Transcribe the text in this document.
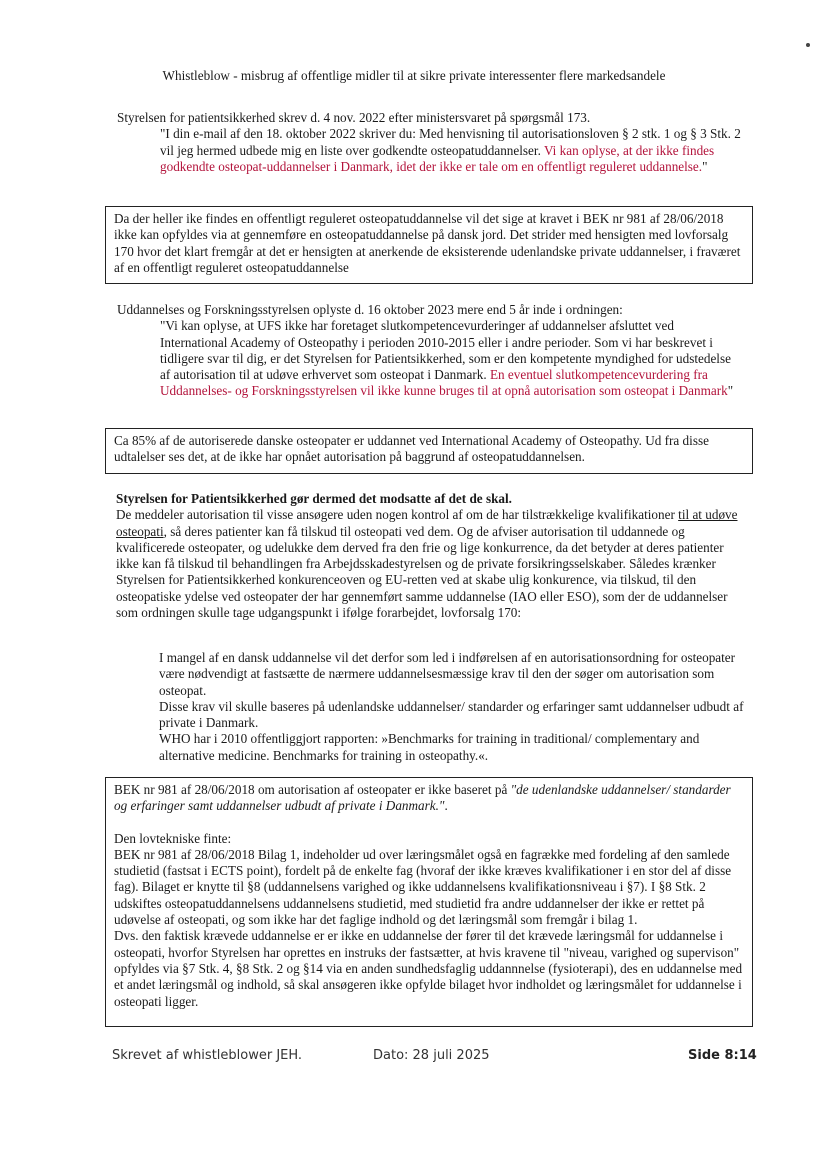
Whistleblow - misbrug af offentlige midler til at sikre private interessenter flere markedsandele

Styrelsen for patientsikkerhed skrev d. 4 nov. 2022 efter ministersvaret på spørgsmål 173.

"I din e-mail af den 18. oktober 2022 skriver du: Med henvisning til autorisationsloven § 2 stk. 1 og § 3 Stk. 2 vil jeg hermed udbede mig en liste over godkendte osteopatuddannelser. Vi kan oplyse, at der ikke findes godkendte osteopat-uddannelser i Danmark, idet der ikke er tale om en offentligt reguleret uddannelse."

Da der heller ike findes en offentligt reguleret osteopatuddannelse vil det sige at kravet i BEK nr 981 af 28/06/2018 ikke kan opfyldes via at gennemføre en osteopatuddannelse på dansk jord. Det strider med hensigten med lovforsalg 170 hvor det klart fremgår at det er hensigten at anerkende de eksisterende udenlandske private uddannelser, i fraværet af en offentligt reguleret osteopatuddannelse

Uddannelses og Forskningsstyrelsen oplyste d. 16 oktober 2023 mere end 5 år inde i ordningen:

"Vi kan oplyse, at UFS ikke har foretaget slutkompetencevurderinger af uddannelser afsluttet ved International Academy of Osteopathy i perioden 2010-2015 eller i andre perioder. Som vi har beskrevet i tidligere svar til dig, er det Styrelsen for Patientsikkerhed, som er den kompetente myndighed for udstedelse af autorisation til at udøve erhvervet som osteopat i Danmark. En eventuel slutkompetencevurdering fra Uddannelses- og Forskningsstyrelsen vil ikke kunne bruges til at opnå autorisation som osteopat i Danmark"

Ca 85% af de autoriserede danske osteopater er uddannet ved International Academy of Osteopathy. Ud fra disse udtalelser ses det, at de ikke har opnået autorisation på baggrund af osteopatuddannelsen.

Styrelsen for Patientsikkerhed gør dermed det modsatte af det de skal.

De meddeler autorisation til visse ansøgere uden nogen kontrol af om de har tilstrækkelige kvalifikationer til at udøve osteopati, så deres patienter kan få tilskud til osteopati ved dem. Og de afviser autorisation til uddannede og kvalificerede osteopater, og udelukke dem derved fra den frie og lige konkurrence, da det betyder at deres patienter ikke kan få tilskud til behandlingen fra Arbejdsskadestyrelsen og de private forsikringsselskaber. Således krænker Styrelsen for Patientsikkerhed konkurenceoven og EU-retten ved at skabe ulig konkurence, via tilskud, til den osteopatiske ydelse ved osteopater der har gennemført samme uddannelse (IAO eller ESO), som der de uddannelser som ordningen skulle tage udgangspunkt i ifølge forarbejdet, lovforsalg 170:

I mangel af en dansk uddannelse vil det derfor som led i indførelsen af en autorisationsordning for osteopater være nødvendigt at fastsætte de nærmere uddannelsesmæssige krav til den der søger om autorisation som osteopat.

Disse krav vil skulle baseres på udenlandske uddannelser/ standarder og erfaringer samt uddannelser udbudt af private i Danmark.

WHO har i 2010 offentliggjort rapporten: »Benchmarks for training in traditional/ complementary and alternative medicine. Benchmarks for training in osteopathy.«.

BEK nr 981 af 28/06/2018 om autorisation af osteopater er ikke baseret på "de udenlandske uddannelser/ standarder og erfaringer samt uddannelser udbudt af private i Danmark.".

Den lovtekniske finte:

BEK nr 981 af 28/06/2018 Bilag 1, indeholder ud over læringsmålet også en fagrække med fordeling af den samlede studietid (fastsat i ECTS point), fordelt på de enkelte fag (hvoraf der ikke kræves kvalifikationer i en stor del af disse fag). Bilaget er knytte til §8 (uddannelsens varighed og ikke uddannelsens kvalifikationsniveau i §7). I §8 Stk. 2 udskiftes osteopatuddannelsens uddannelsens studietid, med studietid fra andre uddannelser der ikke er rettet på udøvelse af osteopati, og som ikke har det faglige indhold og det læringsmål som fremgår i bilag 1.

Dvs. den faktisk krævede uddannelse er er ikke en uddannelse der fører til det krævede læringsmål for uddannelse i osteopati, hvorfor Styrelsen har oprettes en instruks der fastsætter, at hvis kravene til "niveau, varighed og supervison" opfyldes via §7 Stk. 4, §8 Stk. 2 og §14 via en anden sundhedsfaglig uddannnelse (fysioterapi), des en uddannelse med et andet læringsmål og indhold, så skal ansøgeren ikke opfylde bilaget hvor indholdet og læringsmålet for uddannelse i osteopati ligger.

Skrevet af whistleblower JEH.	Dato: 28 juli 2025	Side 8:14
